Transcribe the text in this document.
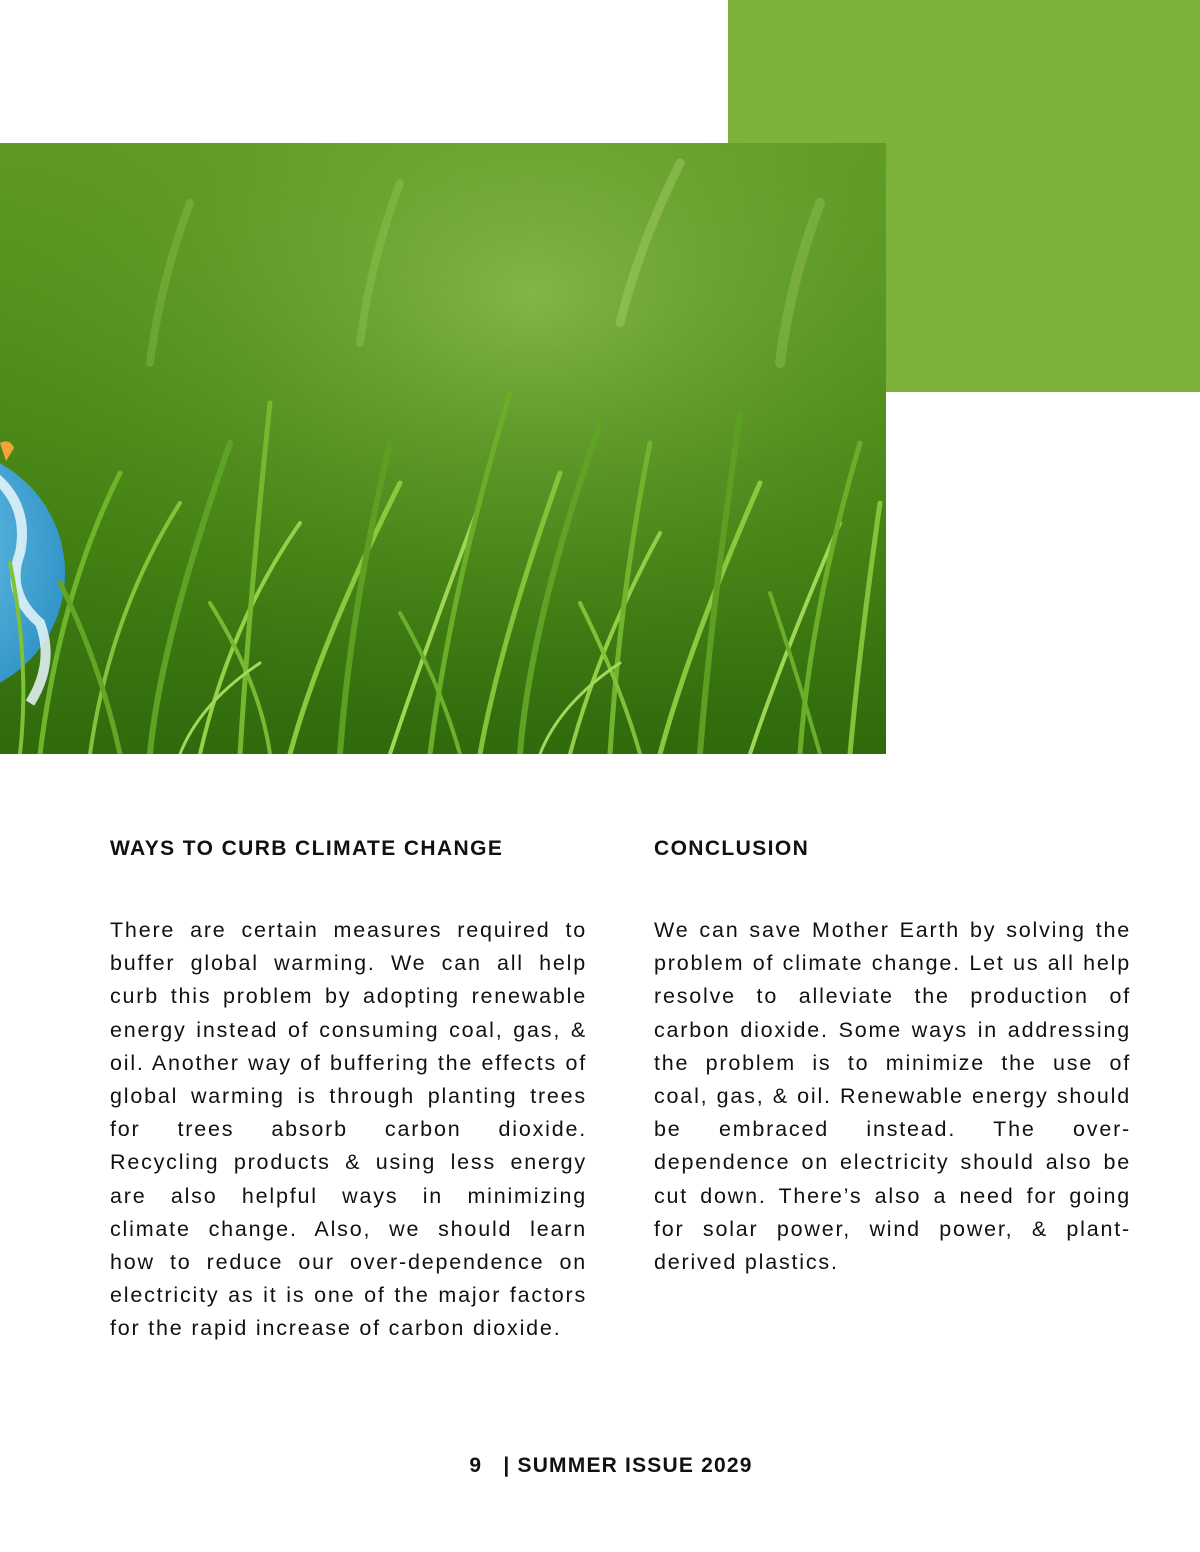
WAYS TO CURB CLIMATE CHANGE

There are certain measures required to buffer global warming. We can all help curb this problem by adopting renewable energy instead of consuming coal, gas, & oil. Another way of buffering the effects of global warming is through planting trees for trees absorb carbon dioxide. Recycling products & using less energy are also helpful ways in minimizing climate change. Also, we should learn how to reduce our over-dependence on electricity as it is one of the major factors for the rapid increase of carbon dioxide.

CONCLUSION

We can save Mother Earth by solving the problem of climate change. Let us all help resolve to alleviate the production of carbon dioxide. Some ways in addressing the problem is to minimize the use of coal, gas, & oil. Renewable energy should be embraced instead. The over-dependence on electricity should also be cut down. There’s also a need for going for solar power, wind power, & plant-derived plastics.

9 | SUMMER ISSUE 2029
